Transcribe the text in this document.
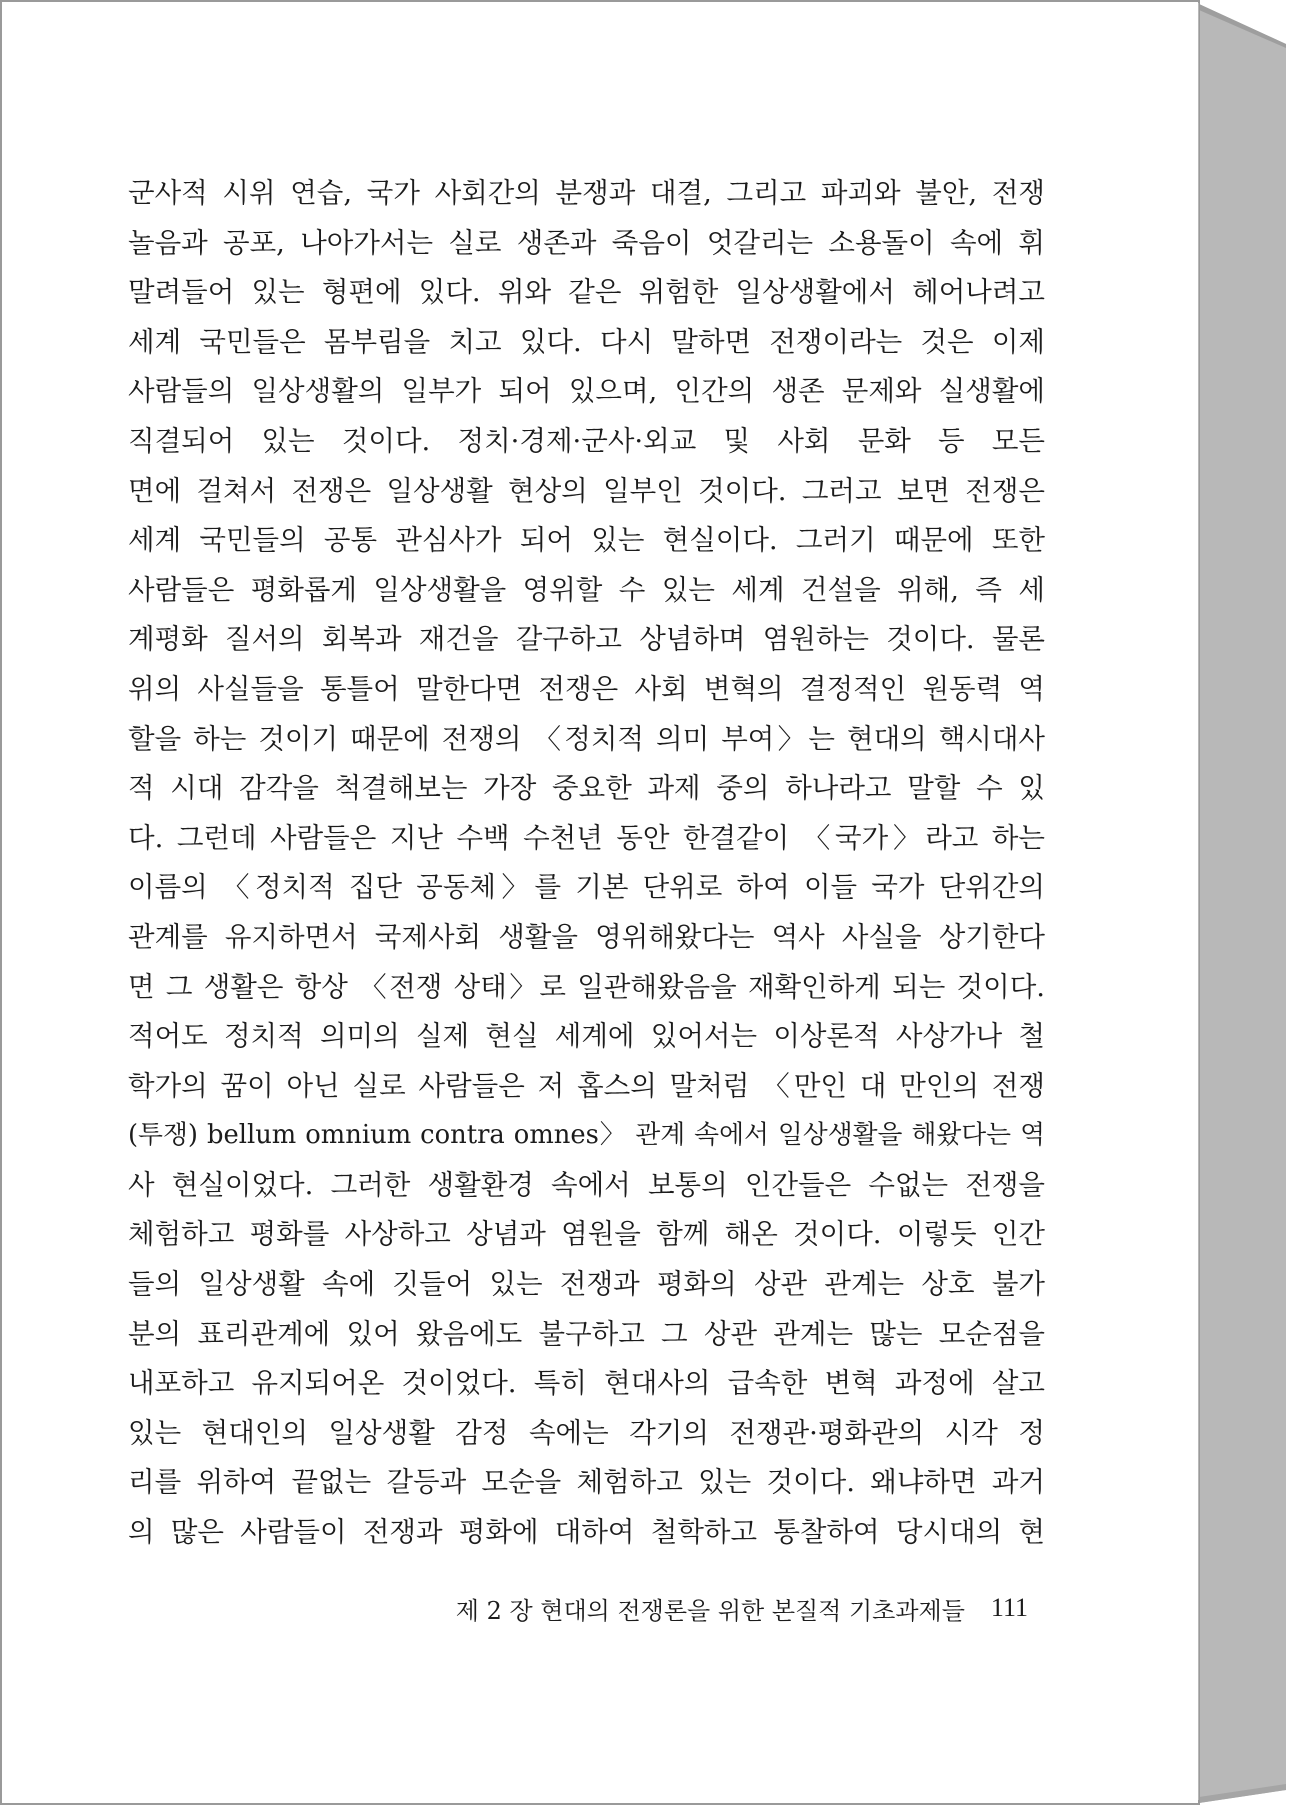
군사적 시위 연습, 국가 사회간의 분쟁과 대결, 그리고 파괴와 불안, 전쟁
놀음과 공포, 나아가서는 실로 생존과 죽음이 엇갈리는 소용돌이 속에 휘
말려들어 있는 형편에 있다. 위와 같은 위험한 일상생활에서 헤어나려고
세계 국민들은 몸부림을 치고 있다. 다시 말하면 전쟁이라는 것은 이제
사람들의 일상생활의 일부가 되어 있으며, 인간의 생존 문제와 실생활에
직결되어 있는 것이다. 정치·경제·군사·외교 및 사회 문화 등 모든
면에 걸쳐서 전쟁은 일상생활 현상의 일부인 것이다. 그러고 보면 전쟁은
세계 국민들의 공통 관심사가 되어 있는 현실이다. 그러기 때문에 또한
사람들은 평화롭게 일상생활을 영위할 수 있는 세계 건설을 위해, 즉 세
계평화 질서의 회복과 재건을 갈구하고 상념하며 염원하는 것이다. 물론
위의 사실들을 통틀어 말한다면 전쟁은 사회 변혁의 결정적인 원동력 역
할을 하는 것이기 때문에 전쟁의 〈정치적 의미 부여〉는 현대의 핵시대사
적 시대 감각을 척결해보는 가장 중요한 과제 중의 하나라고 말할 수 있
다. 그런데 사람들은 지난 수백 수천년 동안 한결같이 〈국가〉라고 하는
이름의 〈정치적 집단 공동체〉를 기본 단위로 하여 이들 국가 단위간의
관계를 유지하면서 국제사회 생활을 영위해왔다는 역사 사실을 상기한다
면 그 생활은 항상 〈전쟁 상태〉로 일관해왔음을 재확인하게 되는 것이다.
적어도 정치적 의미의 실제 현실 세계에 있어서는 이상론적 사상가나 철
학가의 꿈이 아닌 실로 사람들은 저 홉스의 말처럼 〈만인 대 만인의 전쟁
(투쟁) bellum omnium contra omnes〉 관계 속에서 일상생활을 해왔다는 역
사 현실이었다. 그러한 생활환경 속에서 보통의 인간들은 수없는 전쟁을
체험하고 평화를 사상하고 상념과 염원을 함께 해온 것이다. 이렇듯 인간
들의 일상생활 속에 깃들어 있는 전쟁과 평화의 상관 관계는 상호 불가
분의 표리관계에 있어 왔음에도 불구하고 그 상관 관계는 많는 모순점을
내포하고 유지되어온 것이었다. 특히 현대사의 급속한 변혁 과정에 살고
있는 현대인의 일상생활 감정 속에는 각기의 전쟁관·평화관의 시각 정
리를 위하여 끝없는 갈등과 모순을 체험하고 있는 것이다. 왜냐하면 과거
의 많은 사람들이 전쟁과 평화에 대하여 철학하고 통찰하여 당시대의 현
제 2 장 현대의 전쟁론을 위한 본질적 기초과제들 111
